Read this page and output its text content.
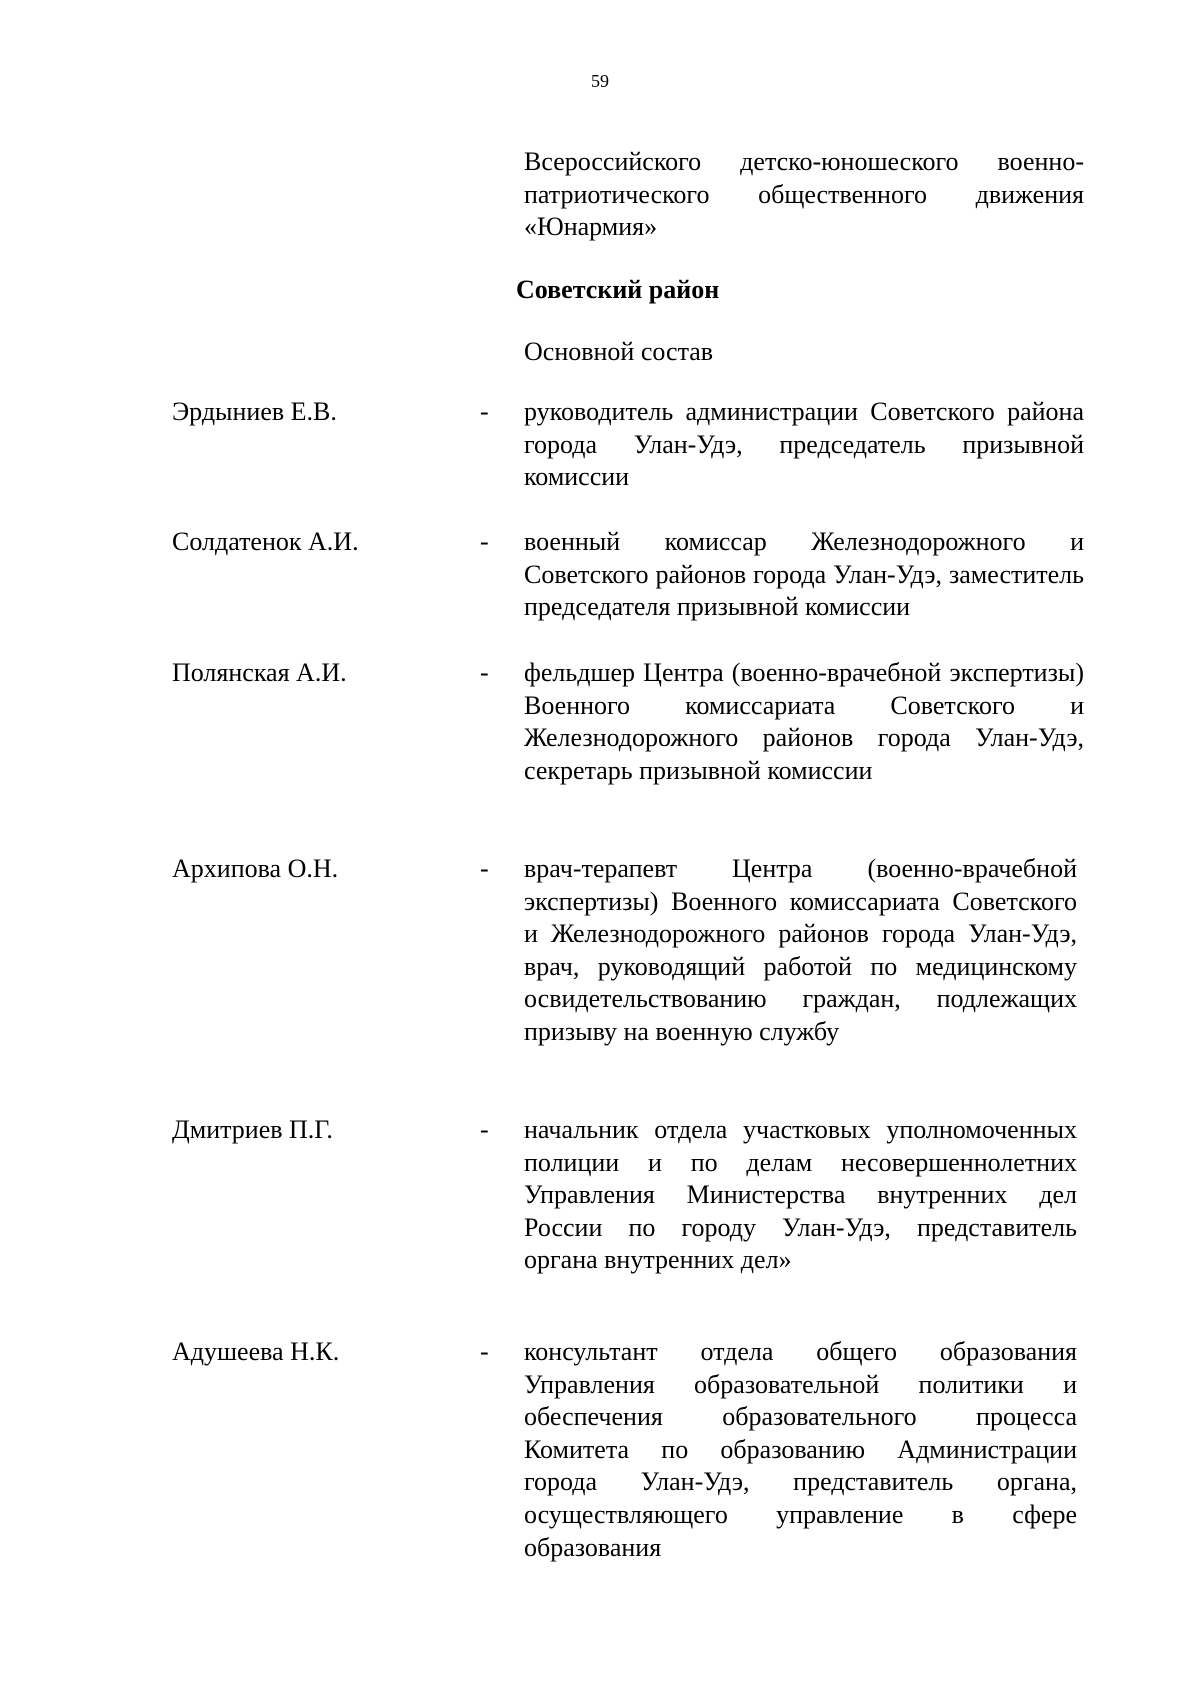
59
Всероссийского детско-юношеского военно-патриотического общественного движения «Юнармия»
Советский район
Основной состав
Эрдыниев Е.В.	- руководитель администрации Советского района города Улан-Удэ, председатель призывной комиссии
Солдатенок А.И.	- военный комиссар Железнодорожного и Советского районов города Улан-Удэ, заместитель председателя призывной комиссии
Полянская А.И.	- фельдшер Центра (военно-врачебной экспертизы) Военного комиссариата Советского и Железнодорожного районов города Улан-Удэ, секретарь призывной комиссии
Архипова О.Н.	- врач-терапевт Центра (военно-врачебной экспертизы) Военного комиссариата Советского и Железнодорожного районов города Улан-Удэ, врач, руководящий работой по медицинскому освидетельствованию граждан, подлежащих призыву на военную службу
Дмитриев П.Г.	- начальник отдела участковых уполномоченных полиции и по делам несовершеннолетних Управления Министерства внутренних дел России по городу Улан-Удэ, представитель органа внутренних дел»
Адушеева Н.К.	- консультант отдела общего образования Управления образовательной политики и обеспечения образовательного процесса Комитета по образованию Администрации города Улан-Удэ, представитель органа, осуществляющего управление в сфере образования
